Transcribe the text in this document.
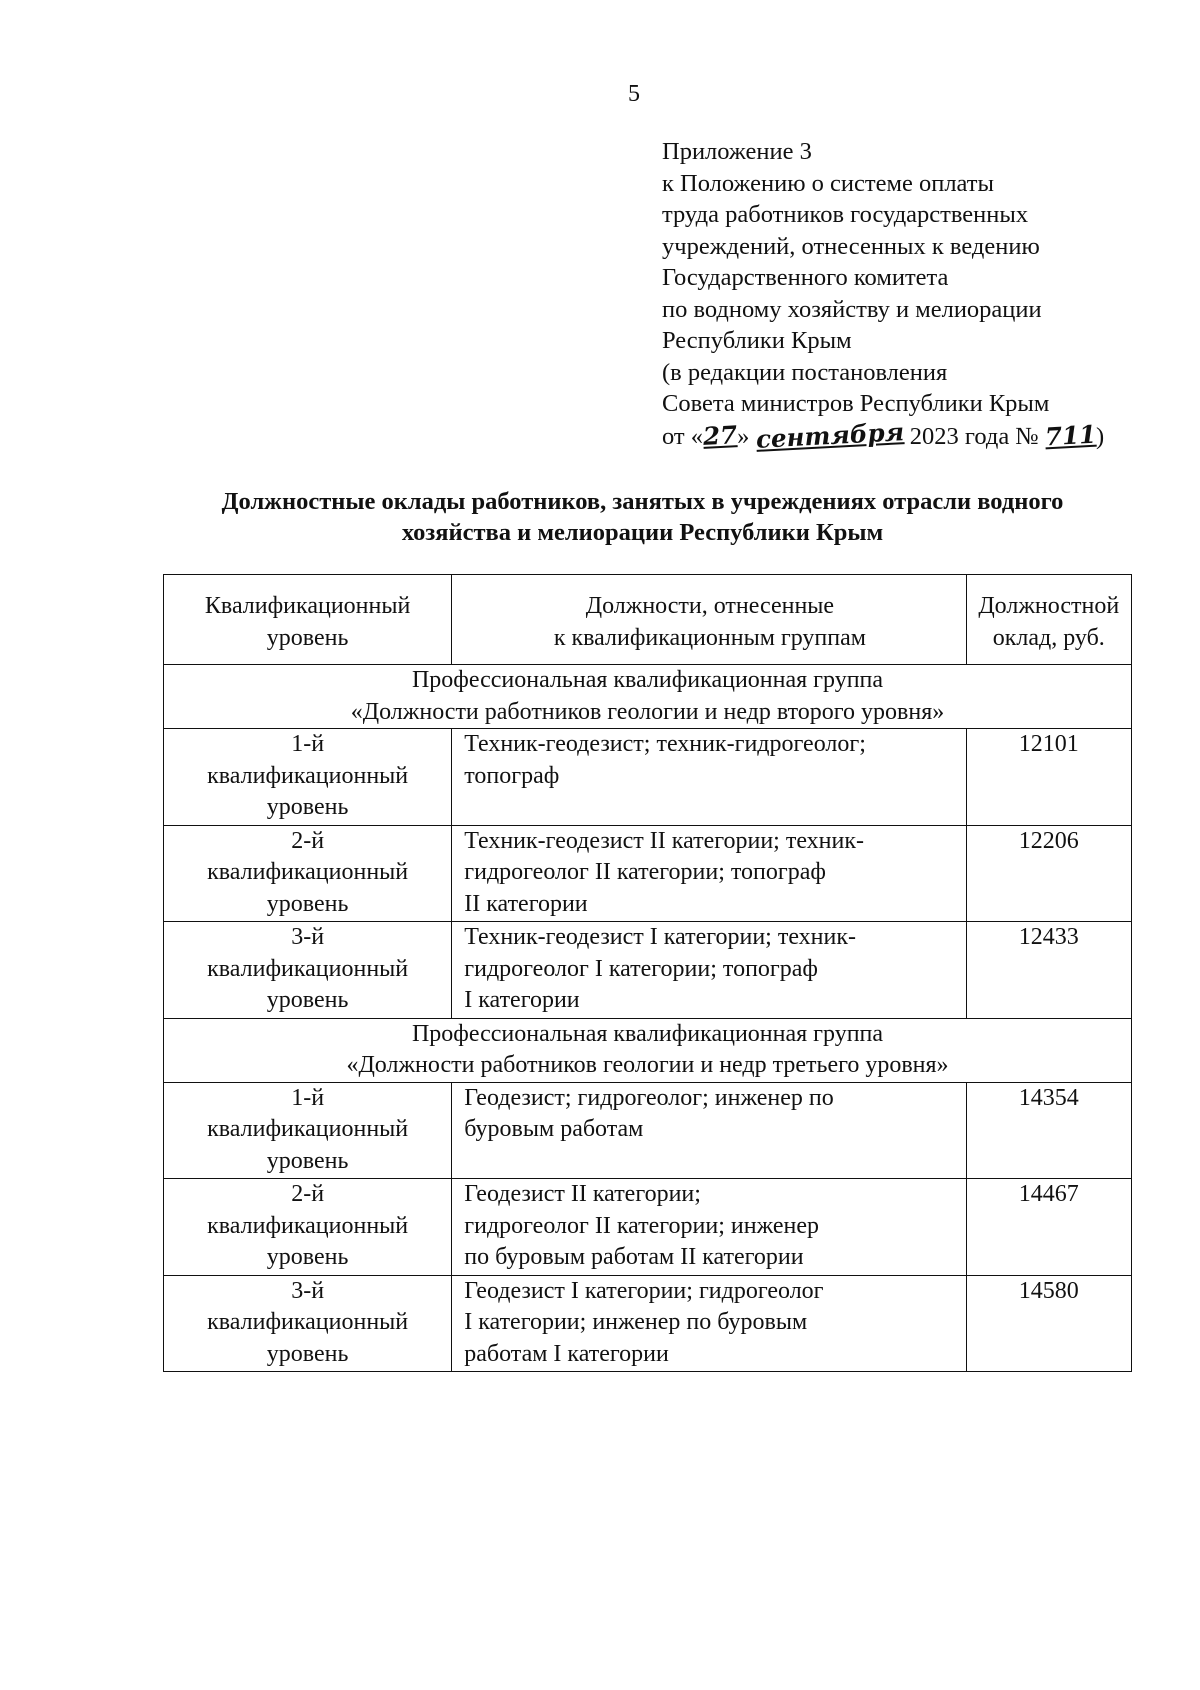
5
Приложение 3
к Положению о системе оплаты
труда работников государственных
учреждений, отнесенных к ведению
Государственного комитета
по водному хозяйству и мелиорации
Республики Крым
(в редакции постановления
Совета министров Республики Крым
от «27» сентября 2023 года № 711)
Должностные оклады работников, занятых в учреждениях отрасли водного
хозяйства и мелиорации Республики Крым
Квалификационный
уровень	Должности, отнесенные
к квалификационным группам	Должностной
оклад, руб.

Профессиональная квалификационная группа
«Должности работников геологии и недр второго уровня»		

1-й
квалификационный
уровень	Техник-геодезист; техник-гидрогеолог;
топограф	12101

2-й
квалификационный
уровень	Техник-геодезист II категории; техник-
гидрогеолог II категории; топограф
II категории	12206

3-й
квалификационный
уровень	Техник-геодезист I категории; техник-
гидрогеолог I категории; топограф
I категории	12433

Профессиональная квалификационная группа
«Должности работников геологии и недр третьего уровня»		

1-й
квалификационный
уровень	Геодезист; гидрогеолог; инженер по
буровым работам	14354

2-й
квалификационный
уровень	Геодезист II категории;
гидрогеолог II категории; инженер
по буровым работам II категории	14467

3-й
квалификационный
уровень	Геодезист I категории; гидрогеолог
I категории; инженер по буровым
работам I категории	14580
